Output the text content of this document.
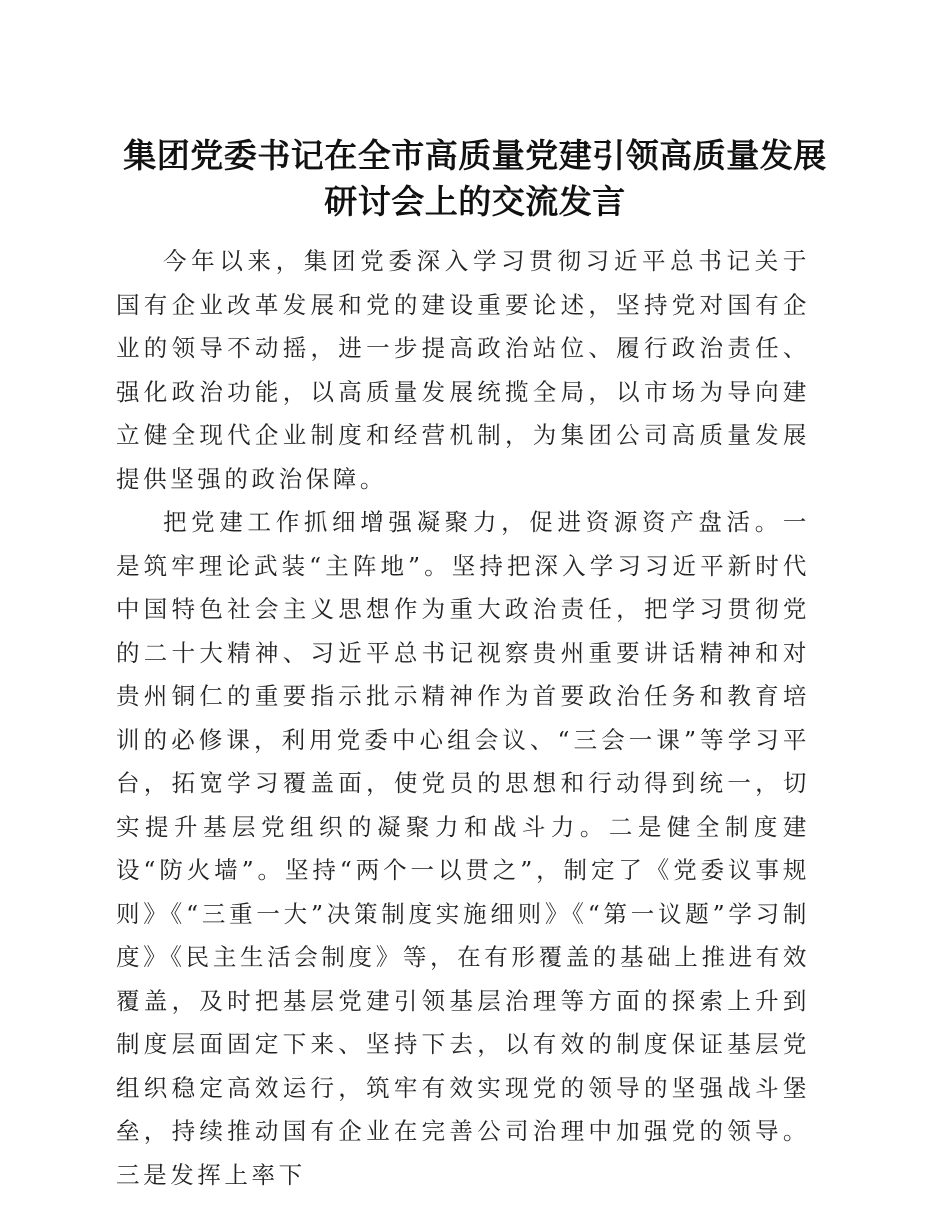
集团党委书记在全市高质量党建引领高质量发展研讨会上的交流发言

今年以来，集团党委深入学习贯彻习近平总书记关于国有企业改革发展和党的建设重要论述，坚持党对国有企业的领导不动摇，进一步提高政治站位、履行政治责任、强化政治功能，以高质量发展统揽全局，以市场为导向建立健全现代企业制度和经营机制，为集团公司高质量发展提供坚强的政治保障。

把党建工作抓细增强凝聚力，促进资源资产盘活。一是筑牢理论武装“主阵地”。坚持把深入学习习近平新时代中国特色社会主义思想作为重大政治责任，把学习贯彻党的二十大精神、习近平总书记视察贵州重要讲话精神和对贵州铜仁的重要指示批示精神作为首要政治任务和教育培训的必修课，利用党委中心组会议、“三会一课”等学习平台，拓宽学习覆盖面，使党员的思想和行动得到统一，切实提升基层党组织的凝聚力和战斗力。二是健全制度建设“防火墙”。坚持“两个一以贯之”，制定了《党委议事规则》《“三重一大”决策制度实施细则》《“第一议题”学习制度》《民主生活会制度》等，在有形覆盖的基础上推进有效覆盖，及时把基层党建引领基层治理等方面的探索上升到制度层面固定下来、坚持下去，以有效的制度保证基层党组织稳定高效运行，筑牢有效实现党的领导的坚强战斗堡垒，持续推动国有企业在完善公司治理中加强党的领导。三是发挥上率下
